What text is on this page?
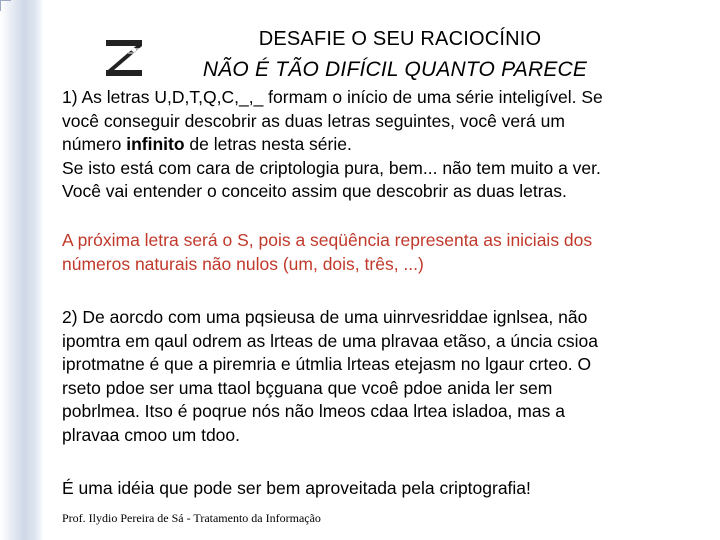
DESAFIE O SEU RACIOCÍNIO
NÃO É TÃO DIFÍCIL QUANTO PARECE

1) As letras U,D,T,Q,C,_,_ formam o início de uma série inteligível. Se
você conseguir descobrir as duas letras seguintes, você verá um
número infinito de letras nesta série.
Se isto está com cara de criptologia pura, bem... não tem muito a ver.
Você vai entender o conceito assim que descobrir as duas letras.

A próxima letra será o S, pois a seqüência representa as iniciais dos
números naturais não nulos (um, dois, três, ...)

2) De aorcdo com uma pqsieusa de uma uinrvesriddae ignlsea, não
ipomtra em qaul odrem as lrteas de uma plravaa etãso, a úncia csioa
iprotmatne é que a piremria e útmlia lrteas etejasm no lgaur crteo. O
rseto pdoe ser uma ttaol bçguana que vcoê pdoe anida ler sem
pobrlmea. Itso é poqrue nós não lmeos cdaa lrtea isladoa, mas a
plravaa cmoo um tdoo.

É uma idéia que pode ser bem aproveitada pela criptografia!

Prof. Ilydio Pereira de Sá - Tratamento da Informação
